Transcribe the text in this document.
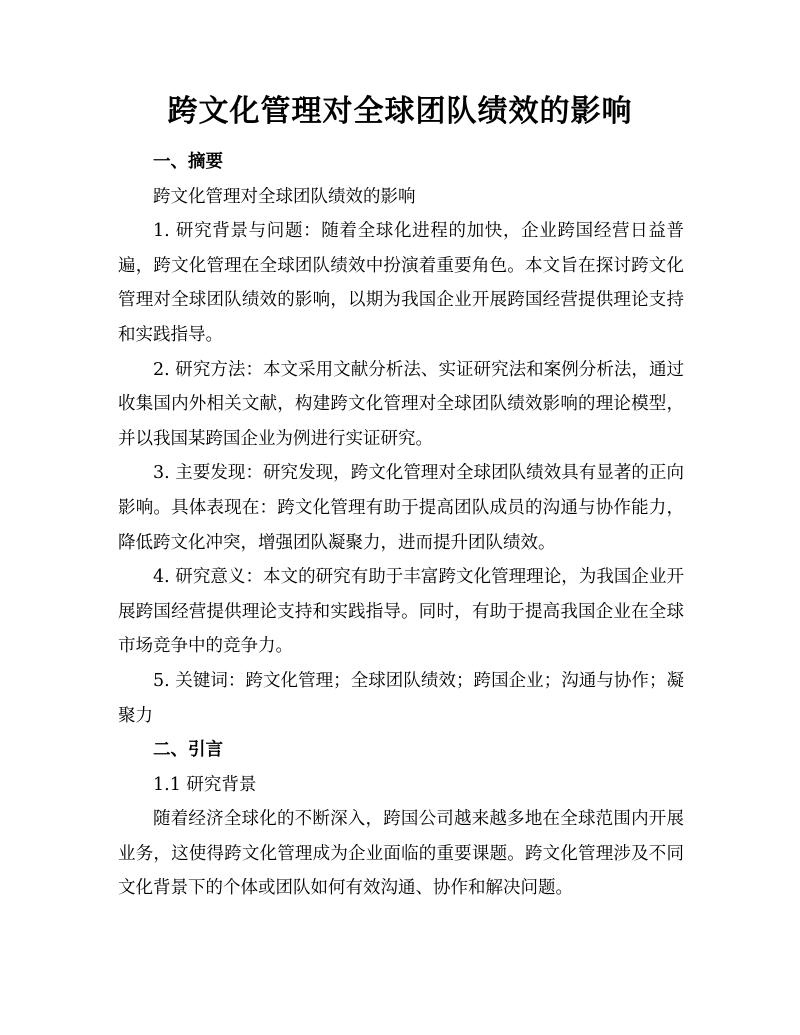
跨文化管理对全球团队绩效的影响

一、摘要

跨文化管理对全球团队绩效的影响

1. 研究背景与问题：随着全球化进程的加快，企业跨国经营日益普遍，跨文化管理在全球团队绩效中扮演着重要角色。本文旨在探讨跨文化管理对全球团队绩效的影响，以期为我国企业开展跨国经营提供理论支持和实践指导。

2. 研究方法：本文采用文献分析法、实证研究法和案例分析法，通过收集国内外相关文献，构建跨文化管理对全球团队绩效影响的理论模型，并以我国某跨国企业为例进行实证研究。

3. 主要发现：研究发现，跨文化管理对全球团队绩效具有显著的正向影响。具体表现在：跨文化管理有助于提高团队成员的沟通与协作能力，降低跨文化冲突，增强团队凝聚力，进而提升团队绩效。

4. 研究意义：本文的研究有助于丰富跨文化管理理论，为我国企业开展跨国经营提供理论支持和实践指导。同时，有助于提高我国企业在全球市场竞争中的竞争力。

5. 关键词：跨文化管理；全球团队绩效；跨国企业；沟通与协作；凝聚力

二、引言

1.1 研究背景

随着经济全球化的不断深入，跨国公司越来越多地在全球范围内开展业务，这使得跨文化管理成为企业面临的重要课题。跨文化管理涉及不同文化背景下的个体或团队如何有效沟通、协作和解决问题。
